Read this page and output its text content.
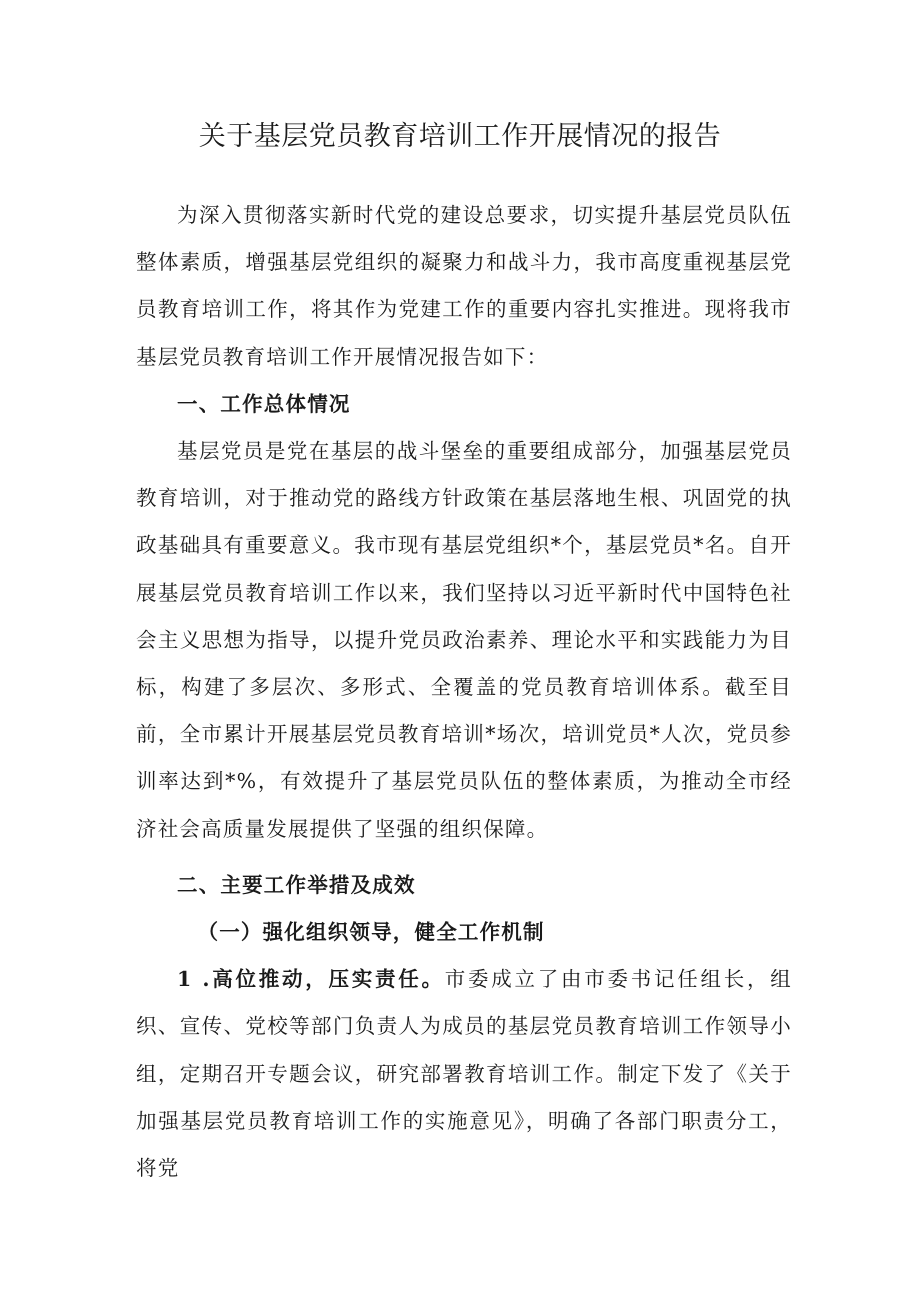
关于基层党员教育培训工作开展情况的报告

为深入贯彻落实新时代党的建设总要求，切实提升基层党员队伍整体素质，增强基层党组织的凝聚力和战斗力，我市高度重视基层党员教育培训工作，将其作为党建工作的重要内容扎实推进。现将我市基层党员教育培训工作开展情况报告如下：

一、工作总体情况

基层党员是党在基层的战斗堡垒的重要组成部分，加强基层党员教育培训，对于推动党的路线方针政策在基层落地生根、巩固党的执政基础具有重要意义。我市现有基层党组织*个，基层党员*名。自开展基层党员教育培训工作以来，我们坚持以习近平新时代中国特色社会主义思想为指导，以提升党员政治素养、理论水平和实践能力为目标，构建了多层次、多形式、全覆盖的党员教育培训体系。截至目前，全市累计开展基层党员教育培训*场次，培训党员*人次，党员参训率达到*%，有效提升了基层党员队伍的整体素质，为推动全市经济社会高质量发展提供了坚强的组织保障。

二、主要工作举措及成效

（一）强化组织领导，健全工作机制

1 .高位推动，压实责任。市委成立了由市委书记任组长，组织、宣传、党校等部门负责人为成员的基层党员教育培训工作领导小组，定期召开专题会议，研究部署教育培训工作。制定下发了《关于加强基层党员教育培训工作的实施意见》，明确了各部门职责分工，将党
